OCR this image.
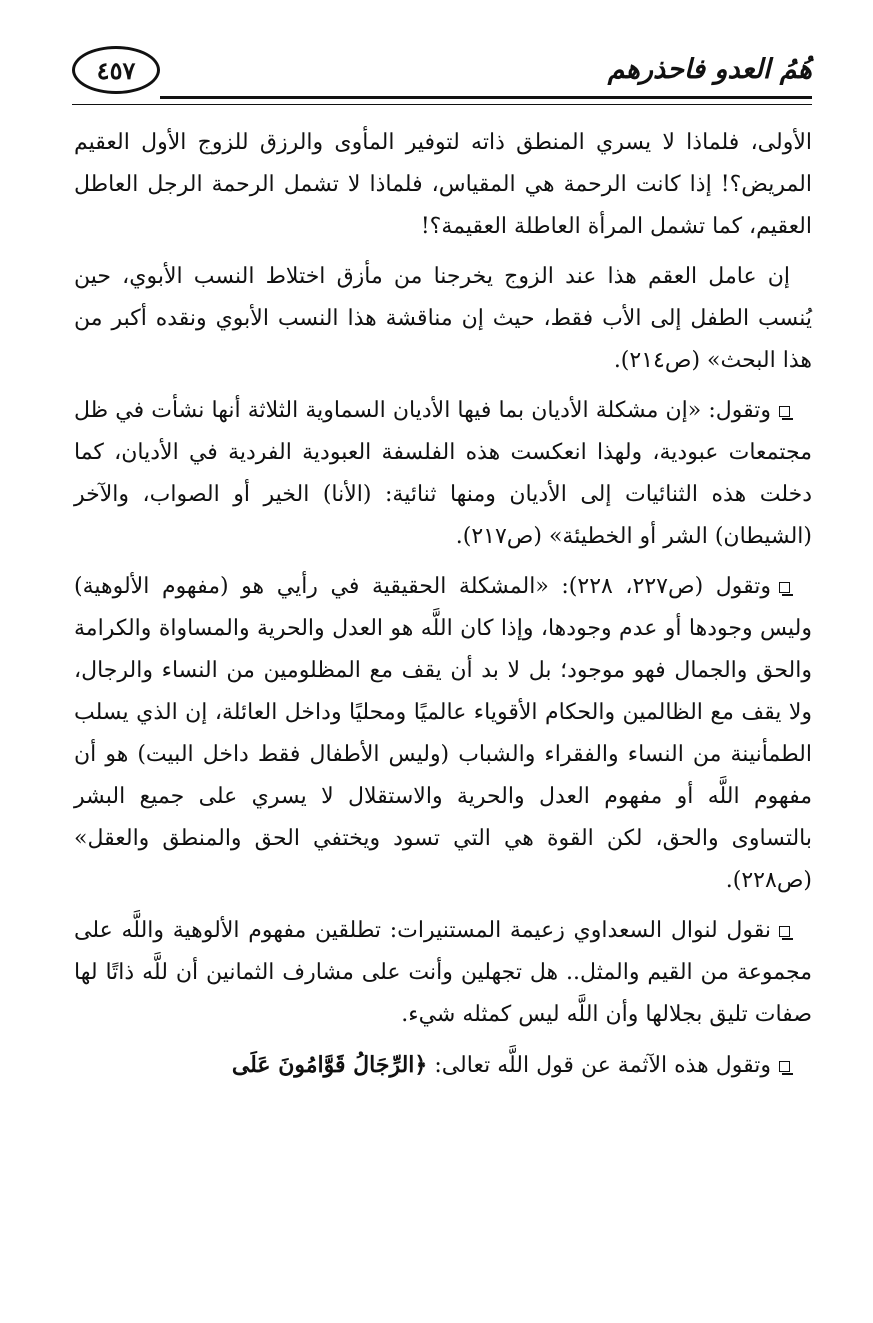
هُمُ العدو فاحذرهم
٤٥٧

الأولى، فلماذا لا يسري المنطق ذاته لتوفير المأوى والرزق للزوج الأول العقيم المريض؟! إذا كانت الرحمة هي المقياس، فلماذا لا تشمل الرحمة الرجل العاطل العقيم، كما تشمل المرأة العاطلة العقيمة؟!

إن عامل العقم هذا عند الزوج يخرجنا من مأزق اختلاط النسب الأبوي، حين يُنسب الطفل إلى الأب فقط، حيث إن مناقشة هذا النسب الأبوي ونقده أكبر من هذا البحث» (ص٢١٤).

وتقول: «إن مشكلة الأديان بما فيها الأديان السماوية الثلاثة أنها نشأت في ظل مجتمعات عبودية، ولهذا انعكست هذه الفلسفة العبودية الفردية في الأديان، كما دخلت هذه الثنائيات إلى الأديان ومنها ثنائية: (الأنا) الخير أو الصواب، والآخر (الشيطان) الشر أو الخطيئة» (ص٢١٧).

وتقول (ص٢٢٧، ٢٢٨): «المشكلة الحقيقية في رأيي هو (مفهوم الألوهية) وليس وجودها أو عدم وجودها، وإذا كان اللَّه هو العدل والحرية والمساواة والكرامة والحق والجمال فهو موجود؛ بل لا بد أن يقف مع المظلومين من النساء والرجال، ولا يقف مع الظالمين والحكام الأقوياء عالميًا ومحليًا وداخل العائلة، إن الذي يسلب الطمأنينة من النساء والفقراء والشباب (وليس الأطفال فقط داخل البيت) هو أن مفهوم اللَّه أو مفهوم العدل والحرية والاستقلال لا يسري على جميع البشر بالتساوى والحق، لكن القوة هي التي تسود ويختفي الحق والمنطق والعقل» (ص٢٢٨).

نقول لنوال السعداوي زعيمة المستنيرات: تطلقين مفهوم الألوهية واللَّه على مجموعة من القيم والمثل.. هل تجهلين وأنت على مشارف الثمانين أن للَّه ذاتًا لها صفات تليق بجلالها وأن اللَّه ليس كمثله شيء.

وتقول هذه الآثمة عن قول اللَّه تعالى: ﴿الرِّجَالُ قَوَّامُونَ عَلَى
